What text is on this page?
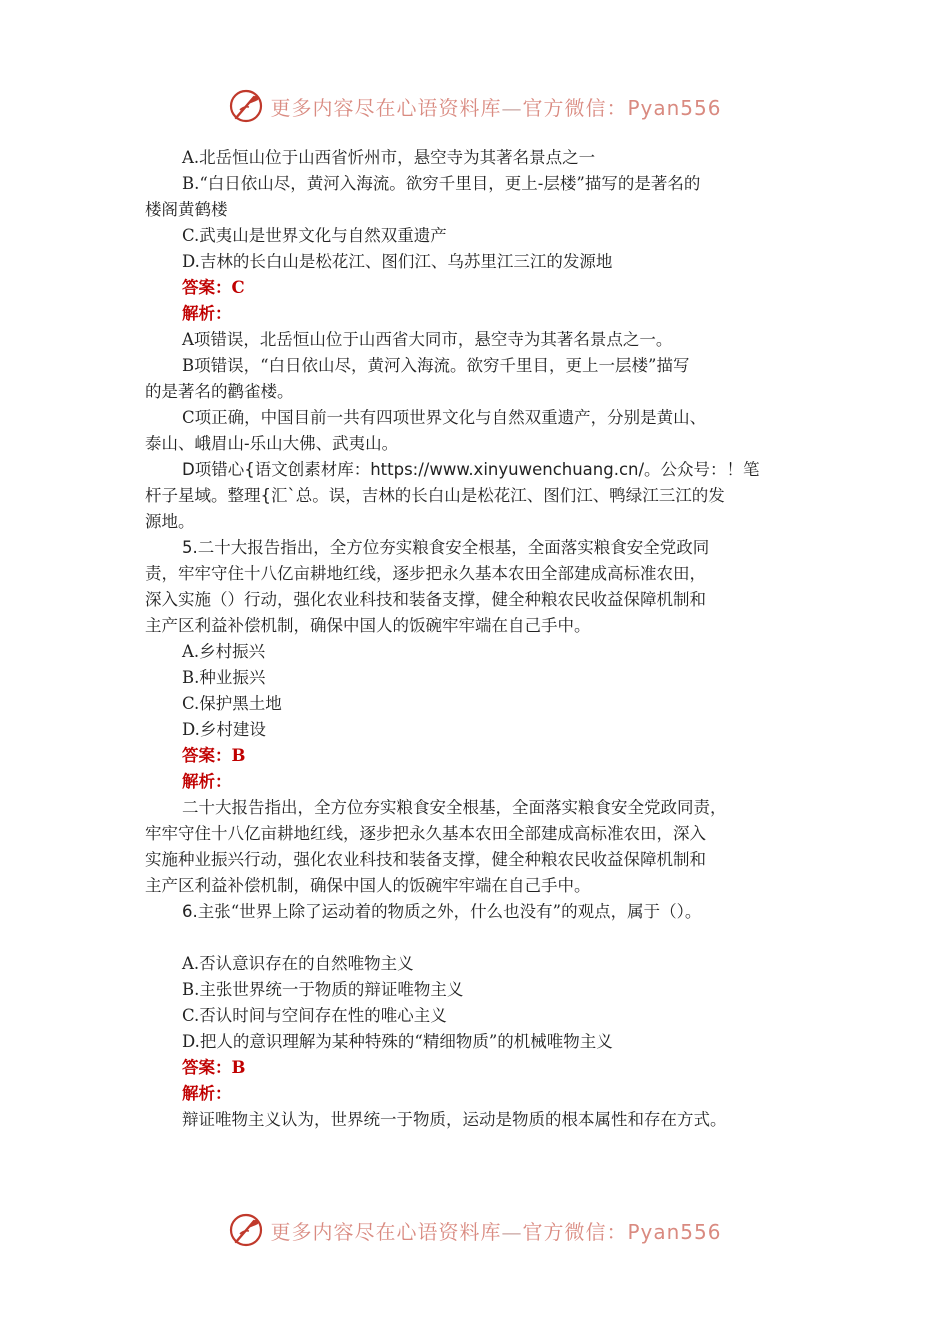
更多内容尽在心语资料库—官方微信：Pyan556
A.北岳恒山位于山西省忻州市，悬空寺为其著名景点之一
B.“白日依山尽，黄河入海流。欲穷千里目，更上-层楼”描写的是著名的
楼阁黄鹤楼
C.武夷山是世界文化与自然双重遗产
D.吉林的长白山是松花江、图们江、乌苏里江三江的发源地
答案：C
解析：
A项错误，北岳恒山位于山西省大同市，悬空寺为其著名景点之一。
B项错误，“白日依山尽，黄河入海流。欲穷千里目，更上一层楼”描写
的是著名的鹳雀楼。
C项正确，中国目前一共有四项世界文化与自然双重遗产，分别是黄山、
泰山、峨眉山-乐山大佛、武夷山。
D项错心{语文创素材库：https://www.xinyuwenchuang.cn/。公众号：！笔
杆子星域。整理{汇`总。误，吉林的长白山是松花江、图们江、鸭绿江三江的发
源地。
5.二十大报告指出，全方位夯实粮食安全根基，全面落实粮食安全党政同
责，牢牢守住十八亿亩耕地红线，逐步把永久基本农田全部建成高标准农田，
深入实施（）行动，强化农业科技和装备支撑，健全种粮农民收益保障机制和
主产区利益补偿机制，确保中国人的饭碗牢牢端在自己手中。
A.乡村振兴
B.种业振兴
C.保护黑土地
D.乡村建设
答案：B
解析：
二十大报告指出，全方位夯实粮食安全根基，全面落实粮食安全党政同责，
牢牢守住十八亿亩耕地红线，逐步把永久基本农田全部建成高标准农田，深入
实施种业振兴行动，强化农业科技和装备支撑，健全种粮农民收益保障机制和
主产区利益补偿机制，确保中国人的饭碗牢牢端在自己手中。
6.主张“世界上除了运动着的物质之外，什么也没有”的观点，属于（）。
A.否认意识存在的自然唯物主义
B.主张世界统一于物质的辩证唯物主义
C.否认时间与空间存在性的唯心主义
D.把人的意识理解为某种特殊的“精细物质”的机械唯物主义
答案：B
解析：
辩证唯物主义认为，世界统一于物质，运动是物质的根本属性和存在方式。
更多内容尽在心语资料库—官方微信：Pyan556
